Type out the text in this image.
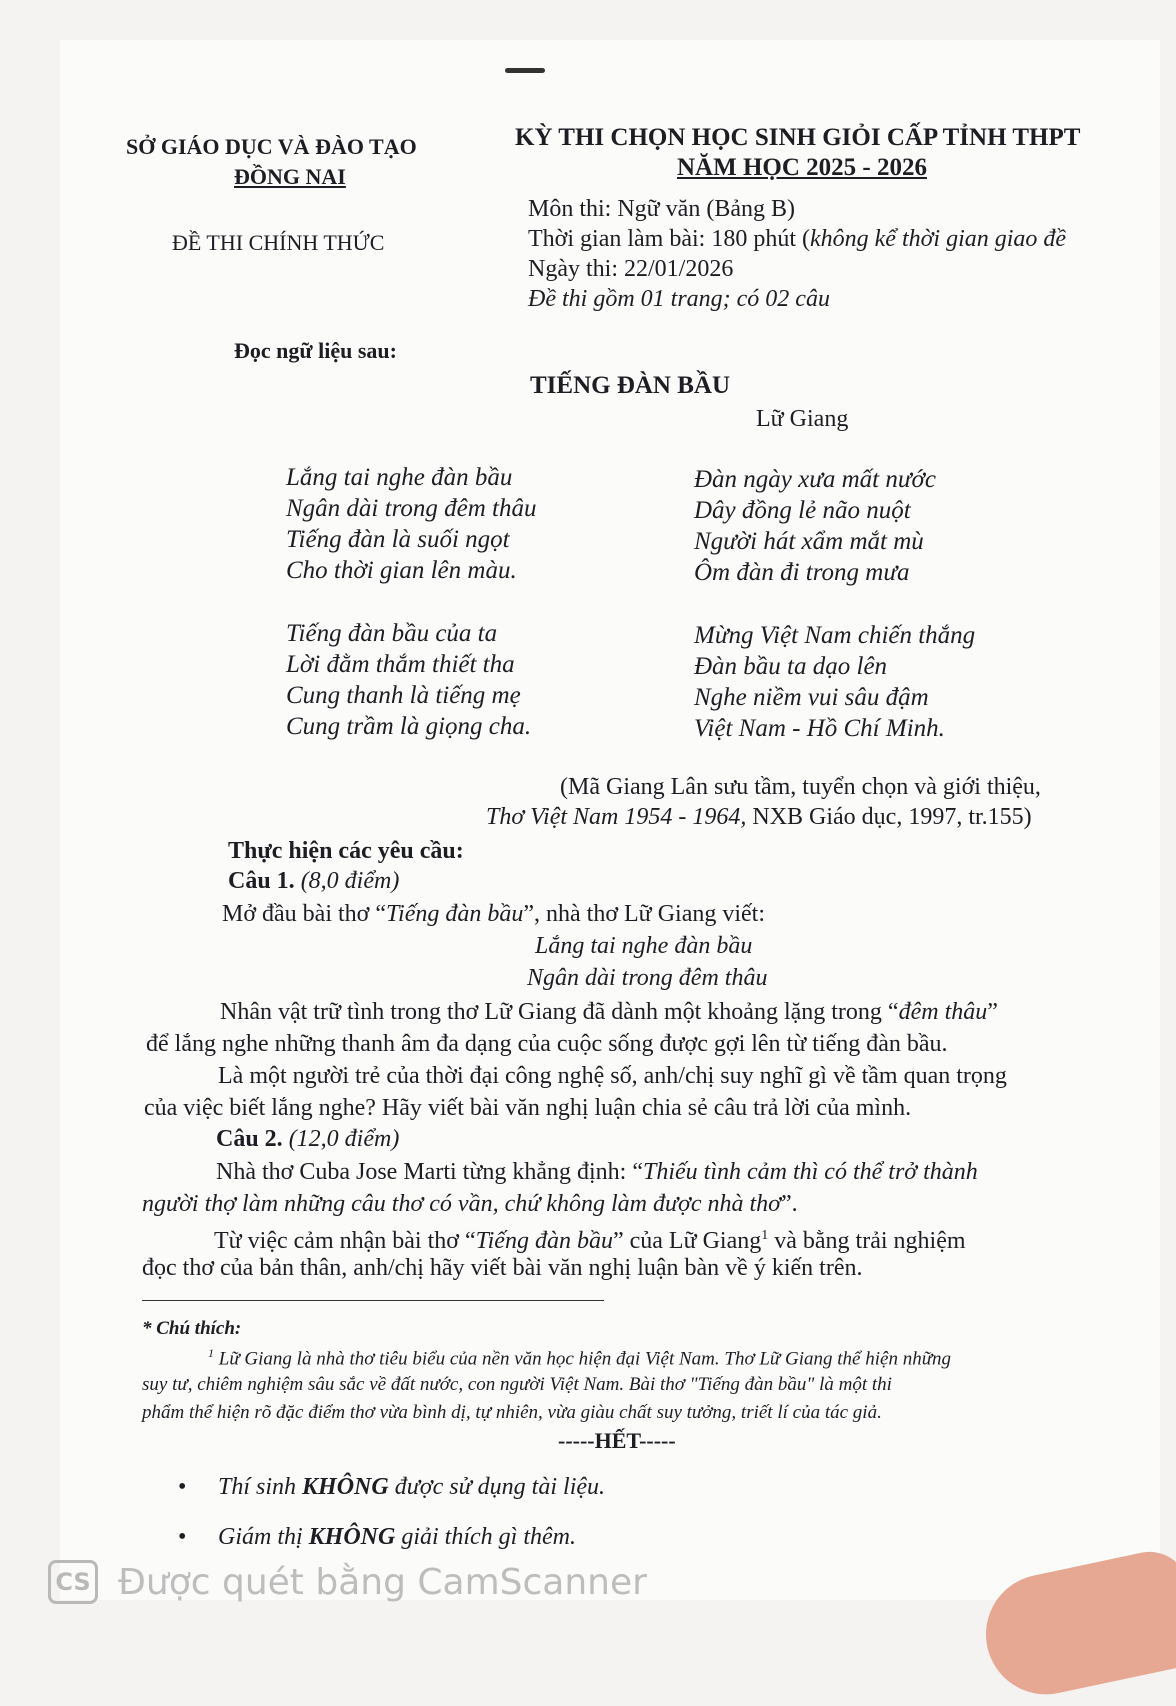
SỞ GIÁO DỤC VÀ ĐÀO TẠO
ĐỒNG NAI
KỲ THI CHỌN HỌC SINH GIỎI CẤP TỈNH THPT
NĂM HỌC 2025 - 2026
ĐỀ THI CHÍNH THỨC
Môn thi: Ngữ văn (Bảng B)
Thời gian làm bài: 180 phút (không kể thời gian giao đề
Ngày thi: 22/01/2026
Đề thi gồm 01 trang; có 02 câu
Đọc ngữ liệu sau:
TIẾNG ĐÀN BẦU
Lữ Giang
Lắng tai nghe đàn bầu
Ngân dài trong đêm thâu
Tiếng đàn là suối ngọt
Cho thời gian lên màu.
Tiếng đàn bầu của ta
Lời đằm thắm thiết tha
Cung thanh là tiếng mẹ
Cung trầm là giọng cha.
Đàn ngày xưa mất nước
Dây đồng lẻ não nuột
Người hát xẩm mắt mù
Ôm đàn đi trong mưa
Mừng Việt Nam chiến thắng
Đàn bầu ta dạo lên
Nghe niềm vui sâu đậm
Việt Nam - Hồ Chí Minh.
(Mã Giang Lân sưu tầm, tuyển chọn và giới thiệu,
Thơ Việt Nam 1954 - 1964, NXB Giáo dục, 1997, tr.155)
Thực hiện các yêu cầu:
Câu 1. (8,0 điểm)
Mở đầu bài thơ “Tiếng đàn bầu”, nhà thơ Lữ Giang viết:
Lắng tai nghe đàn bầu
Ngân dài trong đêm thâu
Nhân vật trữ tình trong thơ Lữ Giang đã dành một khoảng lặng trong “đêm thâu”
để lắng nghe những thanh âm đa dạng của cuộc sống được gợi lên từ tiếng đàn bầu.
Là một người trẻ của thời đại công nghệ số, anh/chị suy nghĩ gì về tầm quan trọng
của việc biết lắng nghe? Hãy viết bài văn nghị luận chia sẻ câu trả lời của mình.
Câu 2. (12,0 điểm)
Nhà thơ Cuba Jose Marti từng khẳng định: “Thiếu tình cảm thì có thể trở thành
người thợ làm những câu thơ có vần, chứ không làm được nhà thơ”.
Từ việc cảm nhận bài thơ “Tiếng đàn bầu” của Lữ Giang$^1$ và bằng trải nghiệm
đọc thơ của bản thân, anh/chị hãy viết bài văn nghị luận bàn về ý kiến trên.
* Chú thích:
$^1$ Lữ Giang là nhà thơ tiêu biểu của nền văn học hiện đại Việt Nam. Thơ Lữ Giang thể hiện những
suy tư, chiêm nghiệm sâu sắc về đất nước, con người Việt Nam. Bài thơ "Tiếng đàn bầu" là một thi
phẩm thể hiện rõ đặc điểm thơ vừa bình dị, tự nhiên, vừa giàu chất suy tưởng, triết lí của tác giả.
-----HẾT-----
• Thí sinh KHÔNG được sử dụng tài liệu.
• Giám thị KHÔNG giải thích gì thêm.
CS Được quét bằng CamScanner
